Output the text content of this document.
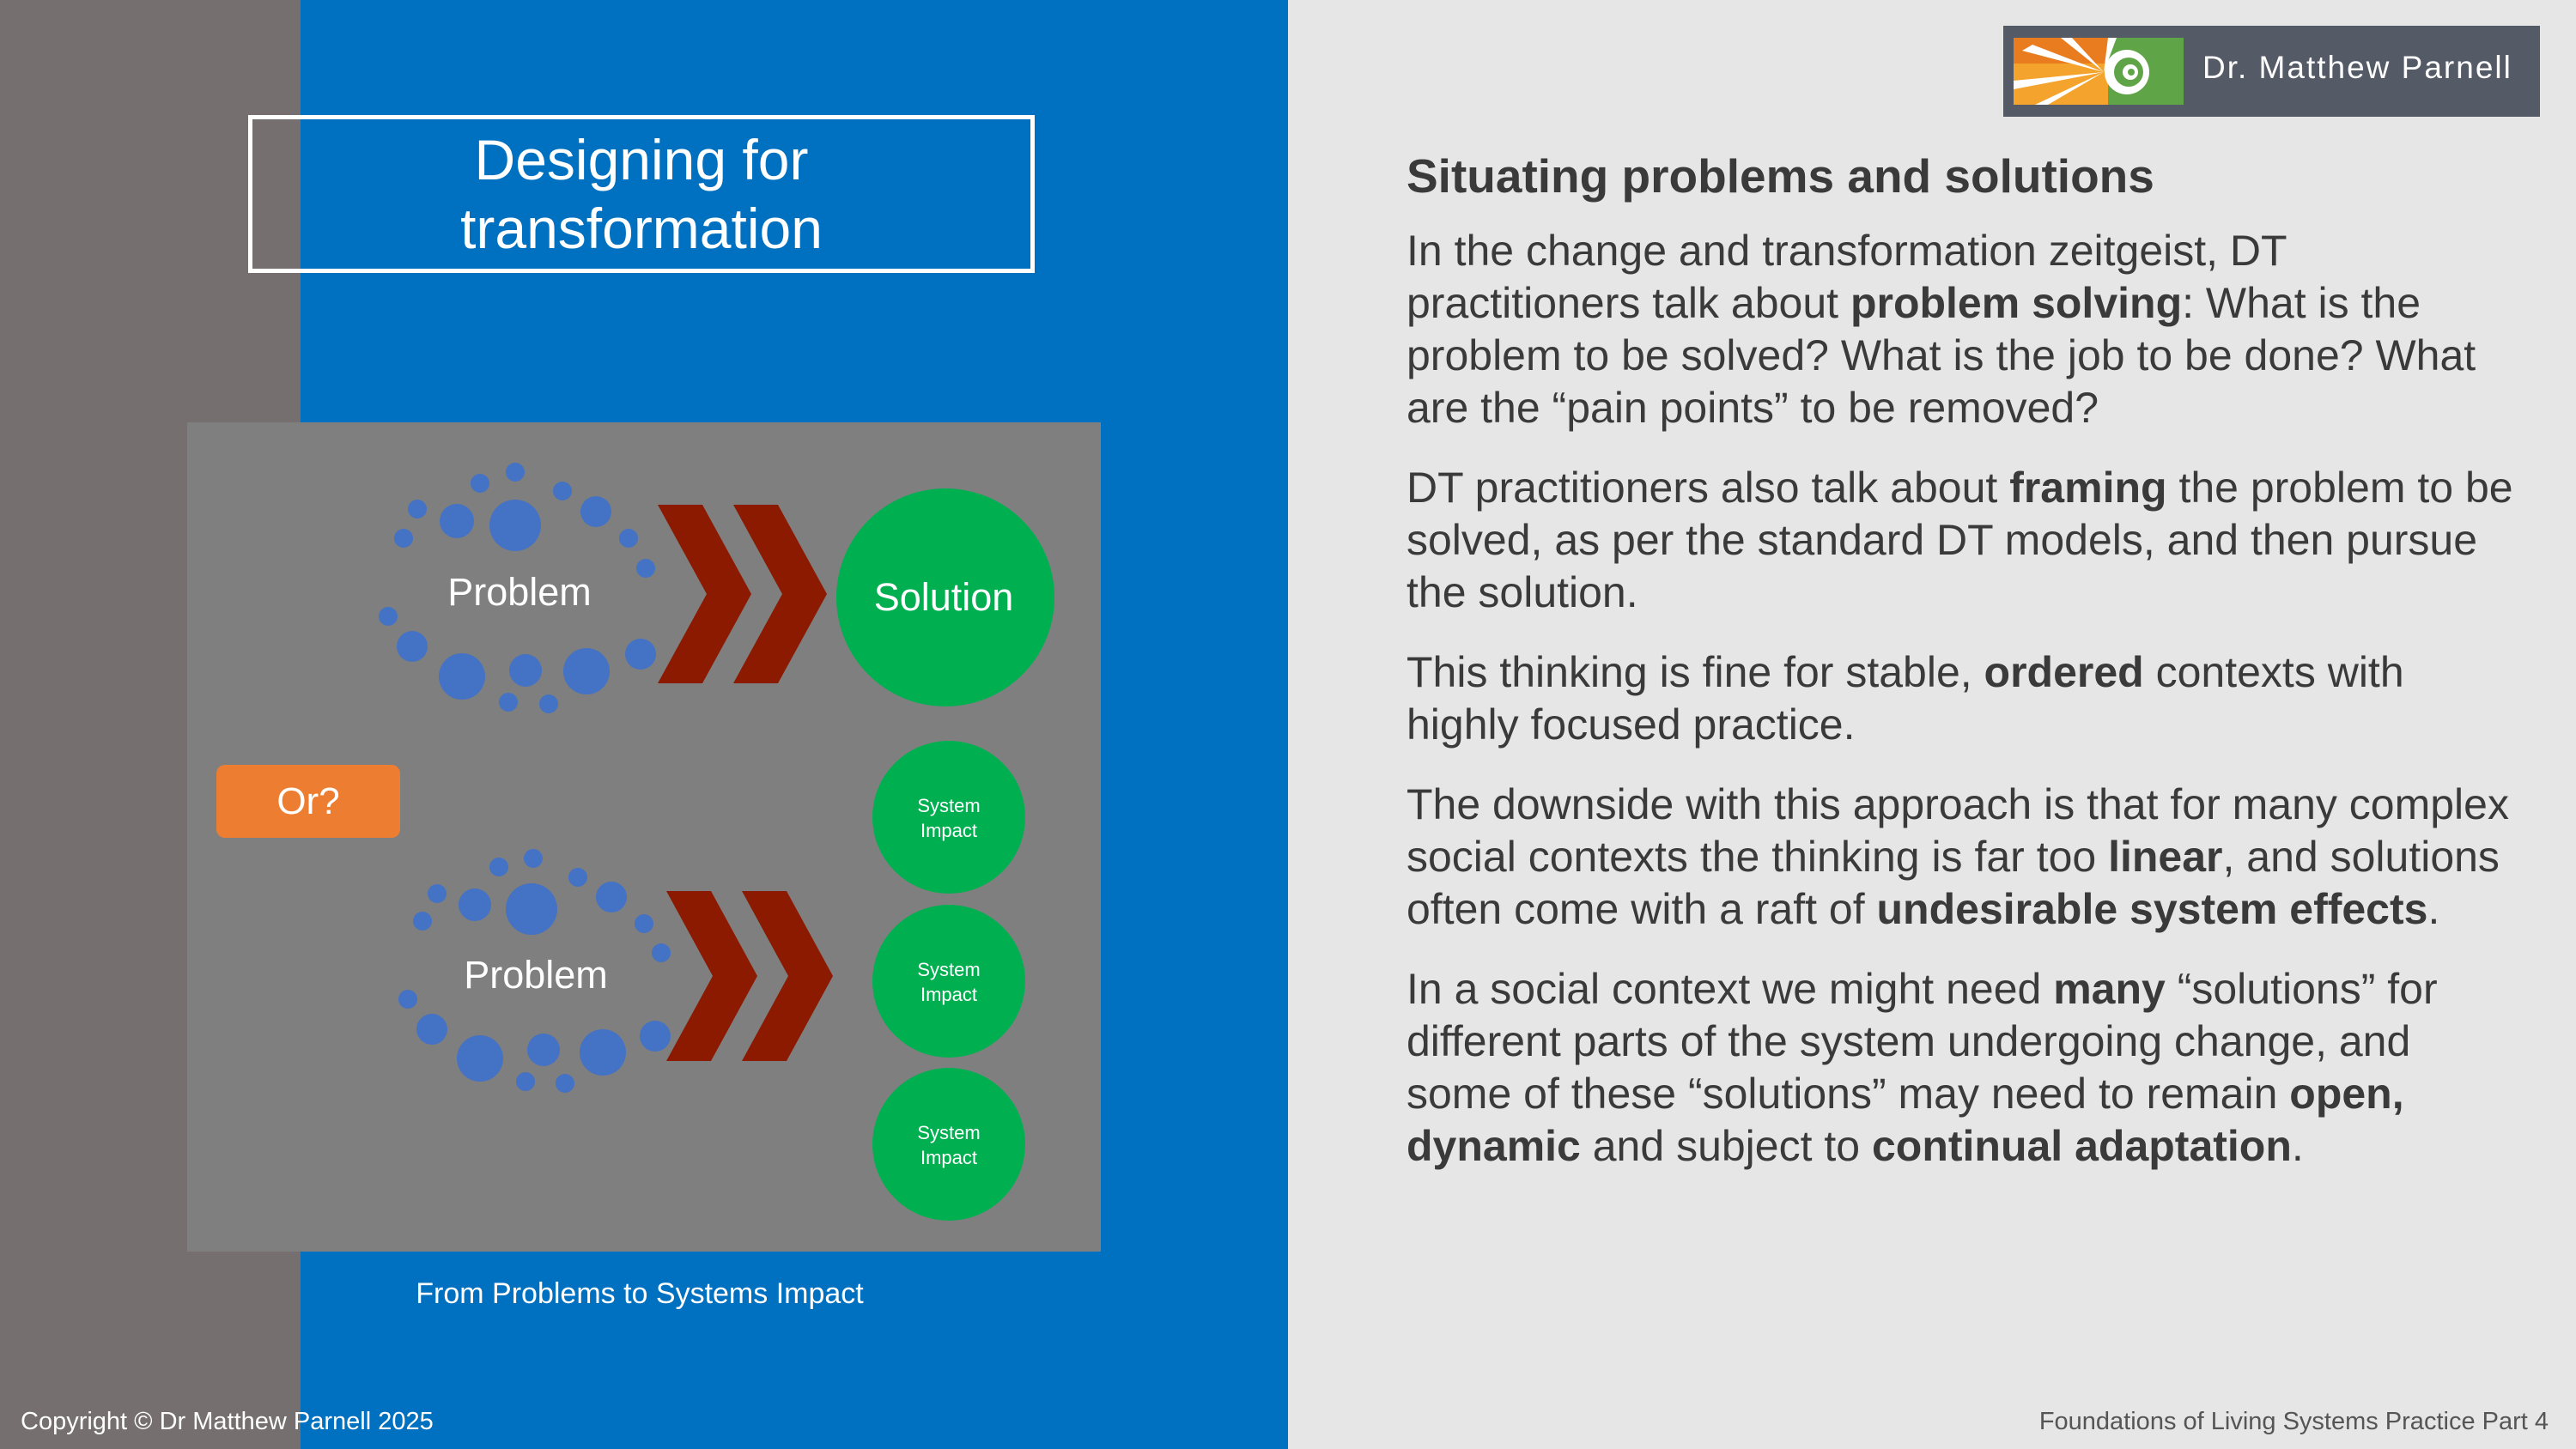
Designing for
transformation
Problem	Solution
Problem
System
Impact
System
Impact
System
Impact
Or?
From Problems to Systems Impact
Dr. Matthew Parnell
Situating problems and solutions

In the change and transformation zeitgeist, DT practitioners talk about problem solving: What is the problem to be solved? What is the job to be done? What are the “pain points” to be removed?

DT practitioners also talk about framing the problem to be solved, as per the standard DT models, and then pursue the solution.

This thinking is fine for stable, ordered contexts with highly focused practice.

The downside with this approach is that for many complex social contexts the thinking is far too linear, and solutions often come with a raft of undesirable system effects.

In a social context we might need many “solutions” for different parts of the system undergoing change, and some of these “solutions” may need to remain open, dynamic and subject to continual adaptation.

Copyright © Dr Matthew Parnell 2025	Foundations of Living Systems Practice Part 4
